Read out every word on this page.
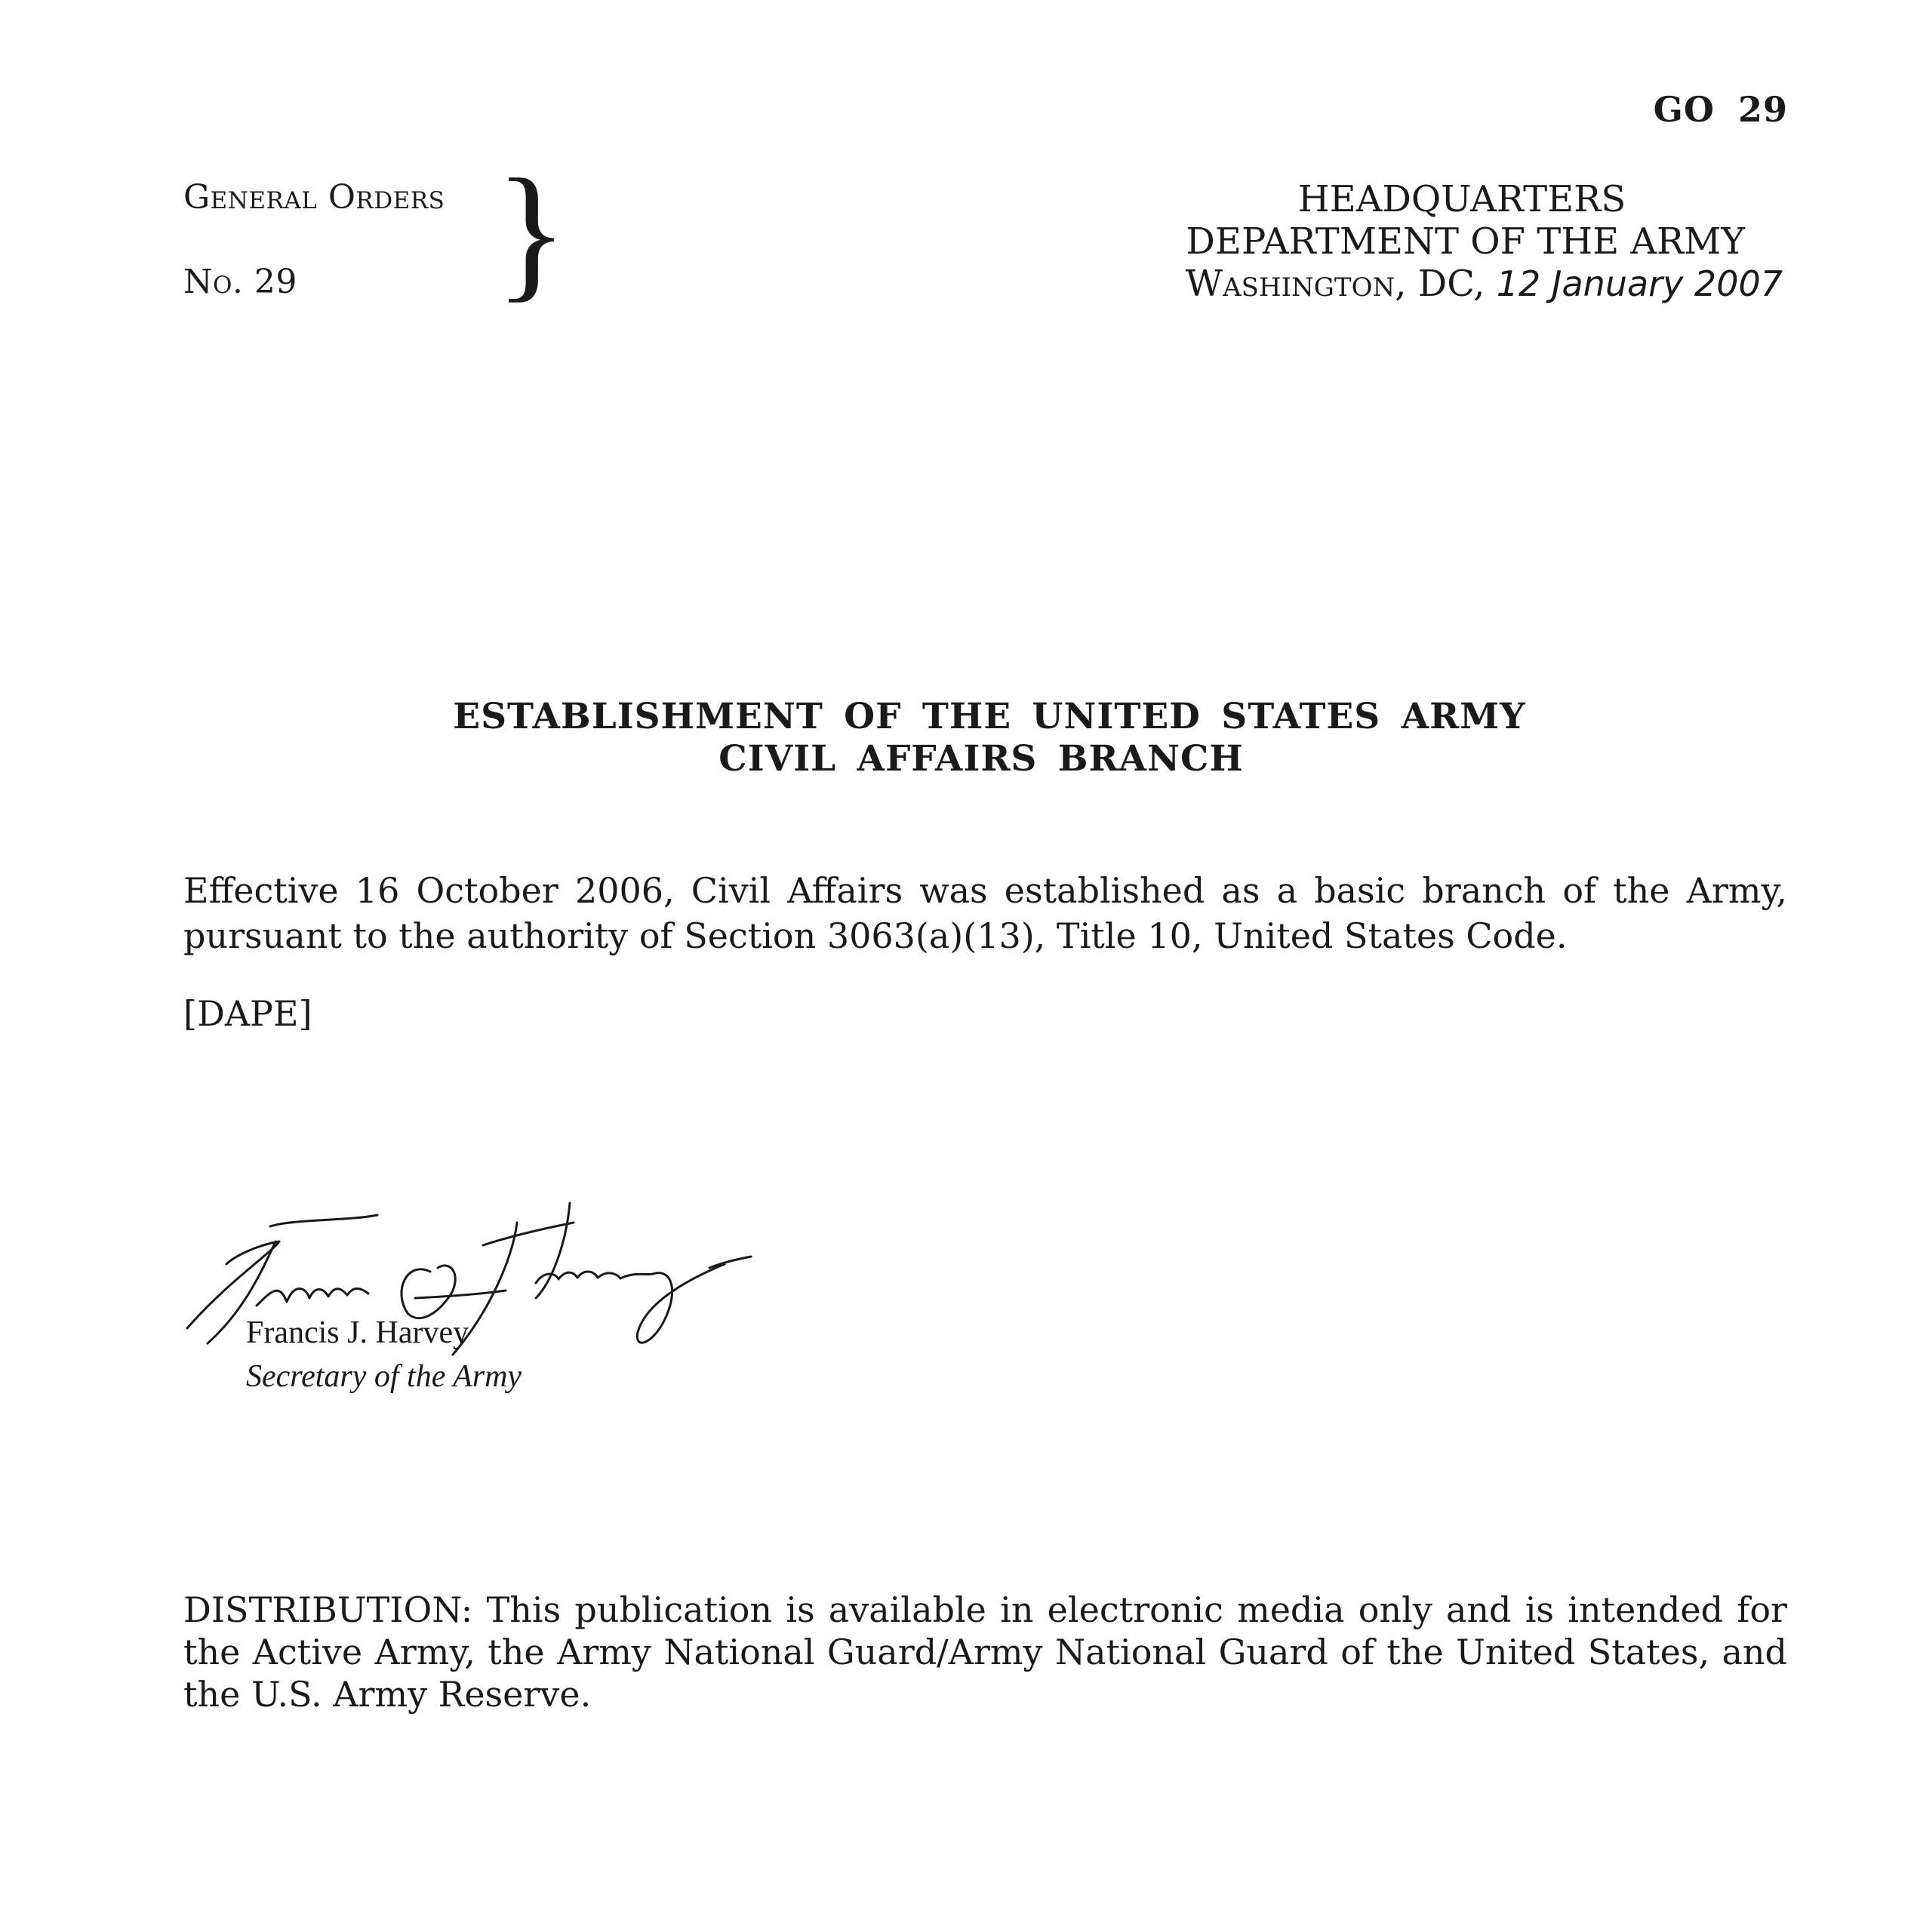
GO 29
General Orders
No. 29 }	HEADQUARTERS
DEPARTMENT OF THE ARMY
Washington, DC, 12 January 2007
ESTABLISHMENT OF THE UNITED STATES ARMY
CIVIL AFFAIRS BRANCH
Effective 16 October 2006, Civil Affairs was established as a basic branch of the Army, pursuant to the authority of Section 3063(a)(13), Title 10, United States Code.
[DAPE]
Francis J. Harvey
Secretary of the Army
DISTRIBUTION: This publication is available in electronic media only and is intended for the Active Army, the Army National Guard/Army National Guard of the United States, and the U.S. Army Reserve.
